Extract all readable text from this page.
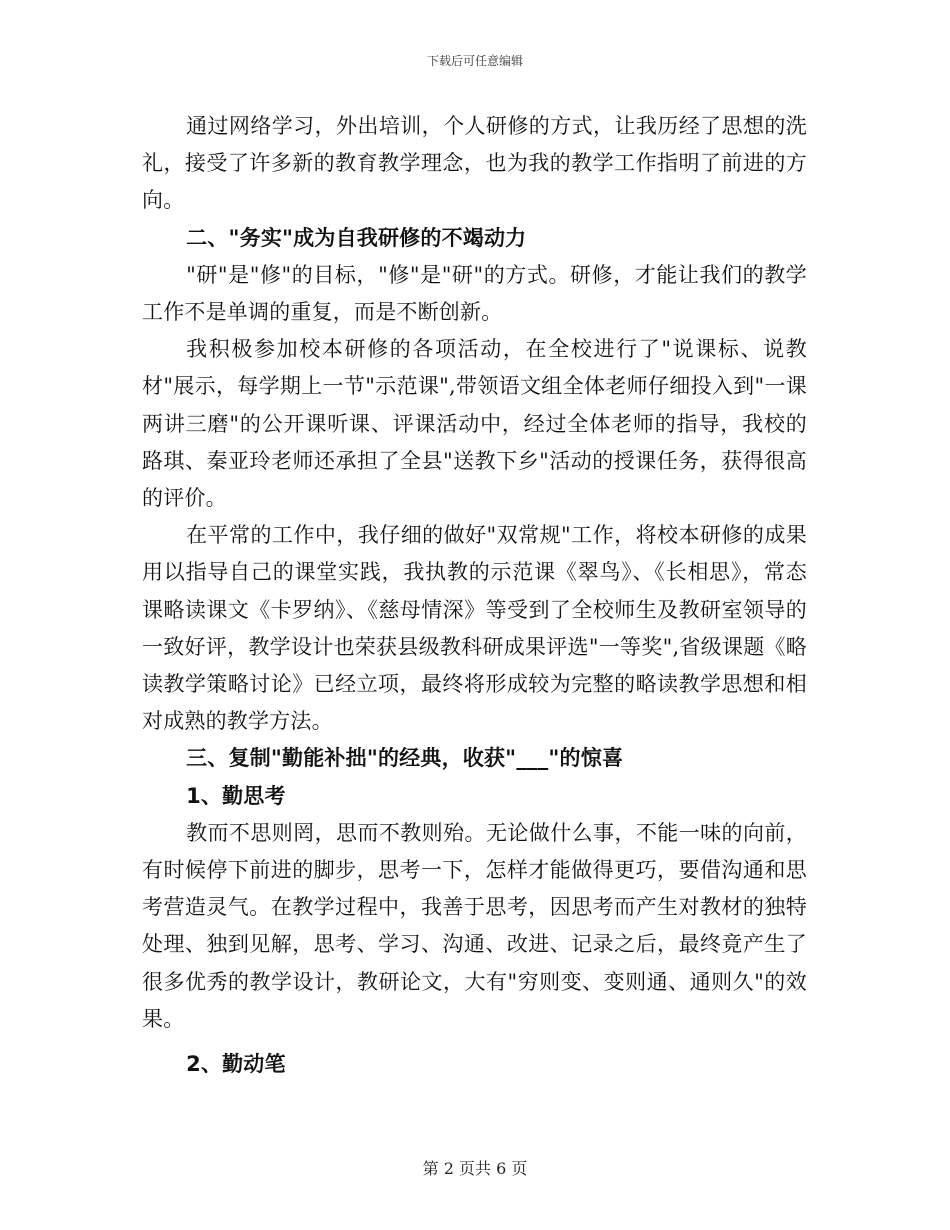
下载后可任意编辑

通过网络学习，外出培训，个人研修的方式，让我历经了思想的洗礼，接受了许多新的教育教学理念，也为我的教学工作指明了前进的方向。

二、"务实"成为自我研修的不竭动力

"研"是"修"的目标，"修"是"研"的方式。研修，才能让我们的教学工作不是单调的重复，而是不断创新。

我积极参加校本研修的各项活动，在全校进行了"说课标、说教材"展示，每学期上一节"示范课",带领语文组全体老师仔细投入到"一课两讲三磨"的公开课听课、评课活动中，经过全体老师的指导，我校的路琪、秦亚玲老师还承担了全县"送教下乡"活动的授课任务，获得很高的评价。

在平常的工作中，我仔细的做好"双常规"工作，将校本研修的成果用以指导自己的课堂实践，我执教的示范课《翠鸟》、《长相思》，常态课略读课文《卡罗纳》、《慈母情深》等受到了全校师生及教研室领导的一致好评，教学设计也荣获县级教科研成果评选"一等奖",省级课题《略读教学策略讨论》已经立项，最终将形成较为完整的略读教学思想和相对成熟的教学方法。

三、复制"勤能补拙"的经典，收获"___"的惊喜
1、勤思考

教而不思则罔，思而不教则殆。无论做什么事，不能一味的向前，有时候停下前进的脚步，思考一下，怎样才能做得更巧，要借沟通和思考营造灵气。在教学过程中，我善于思考，因思考而产生对教材的独特处理、独到见解，思考、学习、沟通、改进、记录之后，最终竟产生了很多优秀的教学设计，教研论文，大有"穷则变、变则通、通则久"的效果。

2、勤动笔
第 2 页共 6 页
